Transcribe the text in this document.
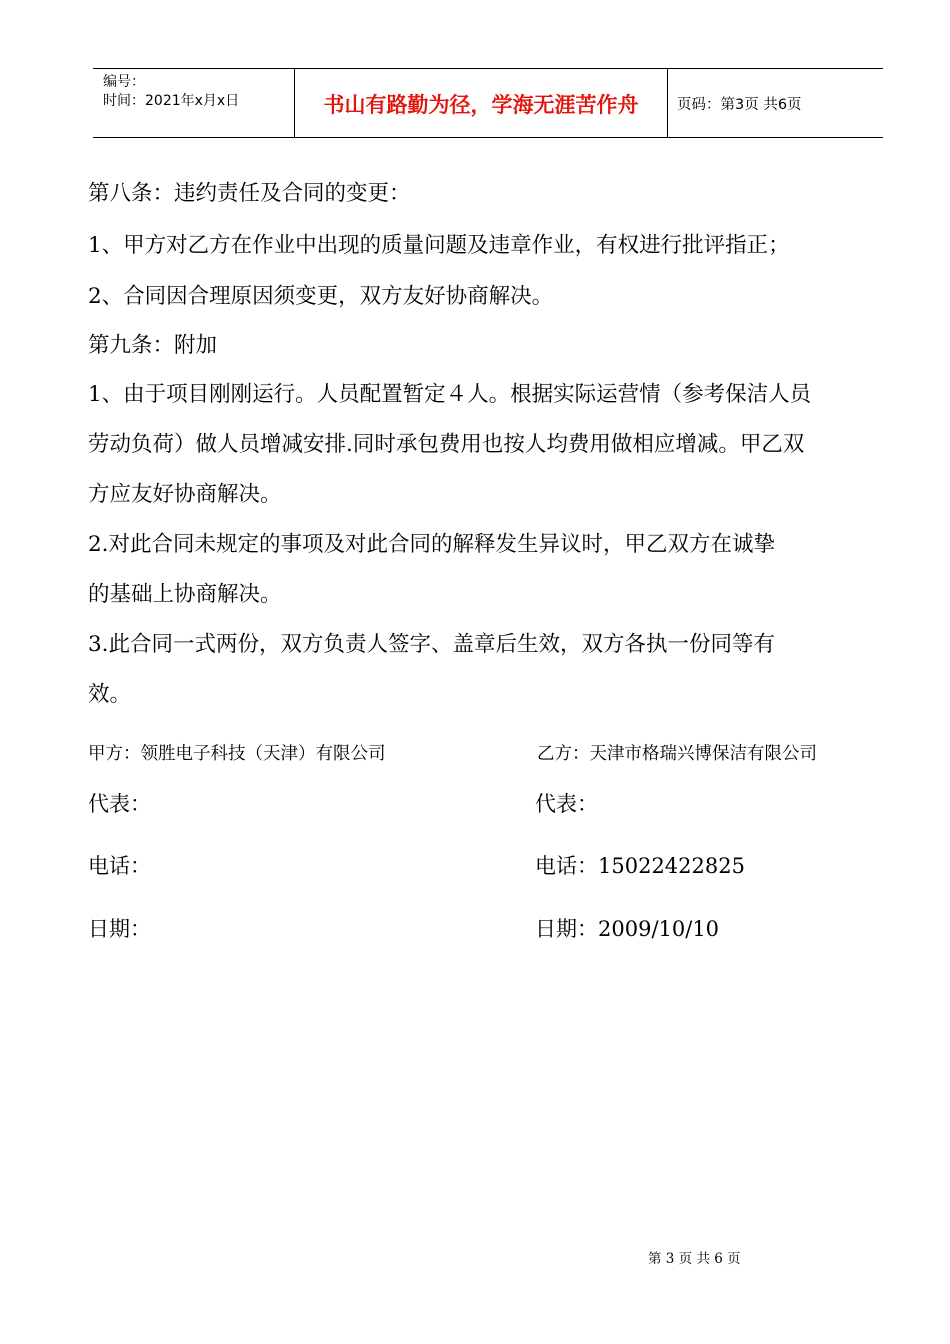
编号：
时间：2021年x月x日	书山有路勤为径，学海无涯苦作舟	页码：第3页 共6页
第八条：违约责任及合同的变更：
1、甲方对乙方在作业中出现的质量问题及违章作业，有权进行批评指正；
2、合同因合理原因须变更，双方友好协商解决。
第九条：附加
1、由于项目刚刚运行。人员配置暂定４人。根据实际运营情（参考保洁人员
劳动负荷）做人员增减安排.同时承包费用也按人均费用做相应增减。甲乙双
方应友好协商解决。
2.对此合同未规定的事项及对此合同的解释发生异议时，甲乙双方在诚挚
的基础上协商解决。
3.此合同一式两份，双方负责人签字、盖章后生效，双方各执一份同等有
效。
甲方：领胜电子科技（天津）有限公司	乙方：天津市格瑞兴博保洁有限公司
代表：	代表：
电话：	电话：15022422825
日期：	日期：2009/10/10
第 3 页 共 6 页
